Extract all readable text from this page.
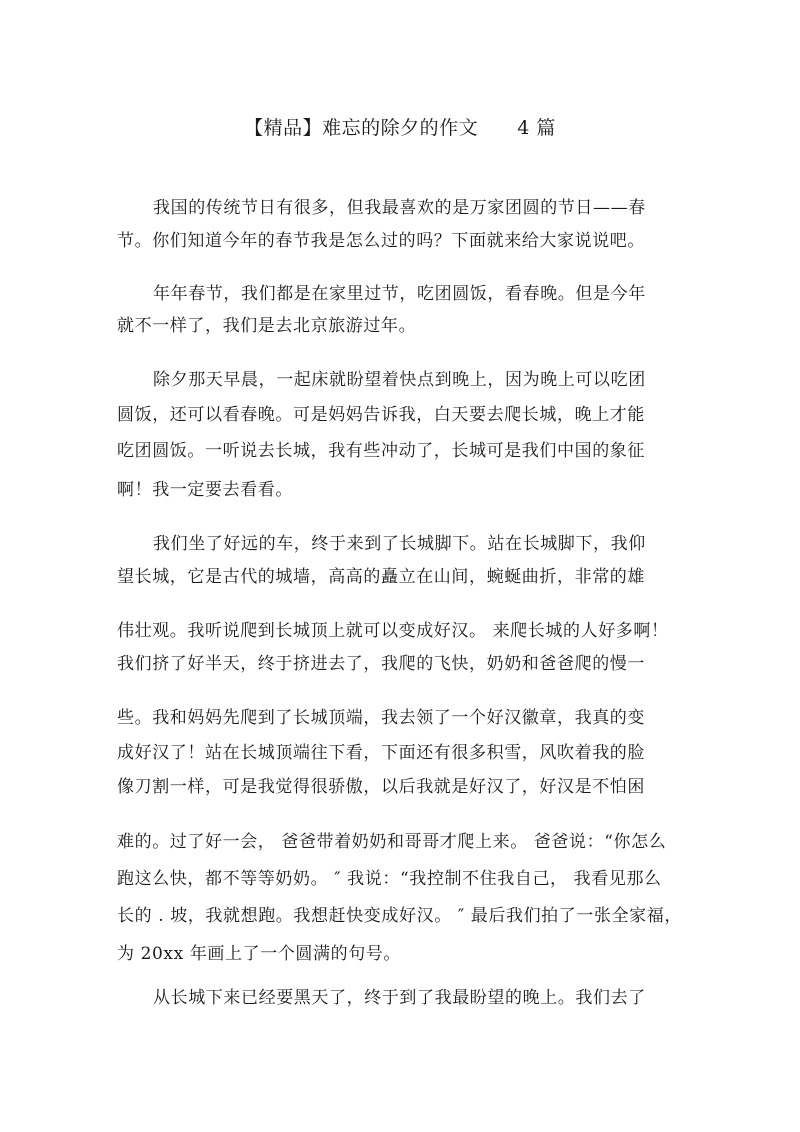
【精品】难忘的除夕的作文      4 篇
我国的传统节日有很多，但我最喜欢的是万家团圆的节日——春
节。你们知道今年的春节我是怎么过的吗？下面就来给大家说说吧。
年年春节，我们都是在家里过节，吃团圆饭，看春晚。但是今年
就不一样了，我们是去北京旅游过年。
除夕那天早晨，一起床就盼望着快点到晚上，因为晚上可以吃团
圆饭，还可以看春晚。可是妈妈告诉我，白天要去爬长城，晚上才能
吃团圆饭。一听说去长城，我有些冲动了，长城可是我们中国的象征
啊！我一定要去看看。
我们坐了好远的车，终于来到了长城脚下。站在长城脚下，我仰
望长城，它是古代的城墙，高高的矗立在山间，蜿蜒曲折，非常的雄
伟壮观。我听说爬到长城顶上就可以变成好汉。 来爬长城的人好多啊！
我们挤了好半天，终于挤进去了，我爬的飞快，奶奶和爸爸爬的慢一
些。我和妈妈先爬到了长城顶端，我去领了一个好汉徽章，我真的变
成好汉了！站在长城顶端往下看，下面还有很多积雪，风吹着我的脸
像刀割一样，可是我觉得很骄傲，以后我就是好汉了，好汉是不怕困
难的。过了好一会， 爸爸带着奶奶和哥哥才爬上来。 爸爸说：“你怎么
跑这么快，都不等等奶奶。 ″ 我说：“我控制不住我自己， 我看见那么
长的 . 坡，我就想跑。我想赶快变成好汉。 ″ 最后我们拍了一张全家福，
为 20xx 年画上了一个圆满的句号。
从长城下来已经要黑天了，终于到了我最盼望的晚上。我们去了
